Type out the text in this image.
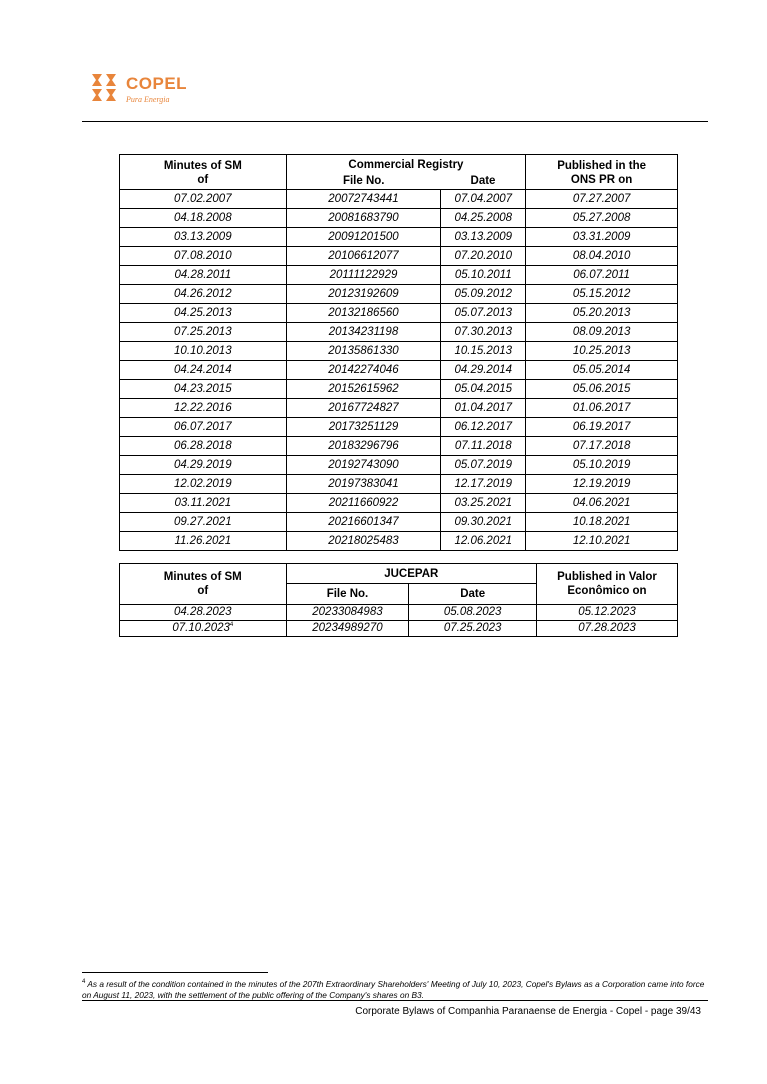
COPEL
Pura Energia
Minutes of SM of	Commercial Registry		Published in the ONS PR on
	File No.	Date	
07.02.2007	20072743441	07.04.2007	07.27.2007
04.18.2008	20081683790	04.25.2008	05.27.2008
03.13.2009	20091201500	03.13.2009	03.31.2009
07.08.2010	20106612077	07.20.2010	08.04.2010
04.28.2011	20111122929	05.10.2011	06.07.2011
04.26.2012	20123192609	05.09.2012	05.15.2012
04.25.2013	20132186560	05.07.2013	05.20.2013
07.25.2013	20134231198	07.30.2013	08.09.2013
10.10.2013	20135861330	10.15.2013	10.25.2013
04.24.2014	20142274046	04.29.2014	05.05.2014
04.23.2015	20152615962	05.04.2015	05.06.2015
12.22.2016	20167724827	01.04.2017	01.06.2017
06.07.2017	20173251129	06.12.2017	06.19.2017
06.28.2018	20183296796	07.11.2018	07.17.2018
04.29.2019	20192743090	05.07.2019	05.10.2019
12.02.2019	20197383041	12.17.2019	12.19.2019
03.11.2021	20211660922	03.25.2021	04.06.2021
09.27.2021	20216601347	09.30.2021	10.18.2021
11.26.2021	20218025483	12.06.2021	12.10.2021
Minutes of SM of	JUCEPAR		Published in Valor Econômico on
	File No.	Date	
04.28.2023	20233084983	05.08.2023	05.12.2023
07.10.2023$^4$	20234989270	07.25.2023	07.28.2023
$^4$ As a result of the condition contained in the minutes of the 207th Extraordinary Shareholders' Meeting of July 10, 2023, Copel's Bylaws as a Corporation came into force on August 11, 2023, with the settlement of the public offering of the Company's shares on B3.
Corporate Bylaws of Companhia Paranaense de Energia - Copel - page 39/43
